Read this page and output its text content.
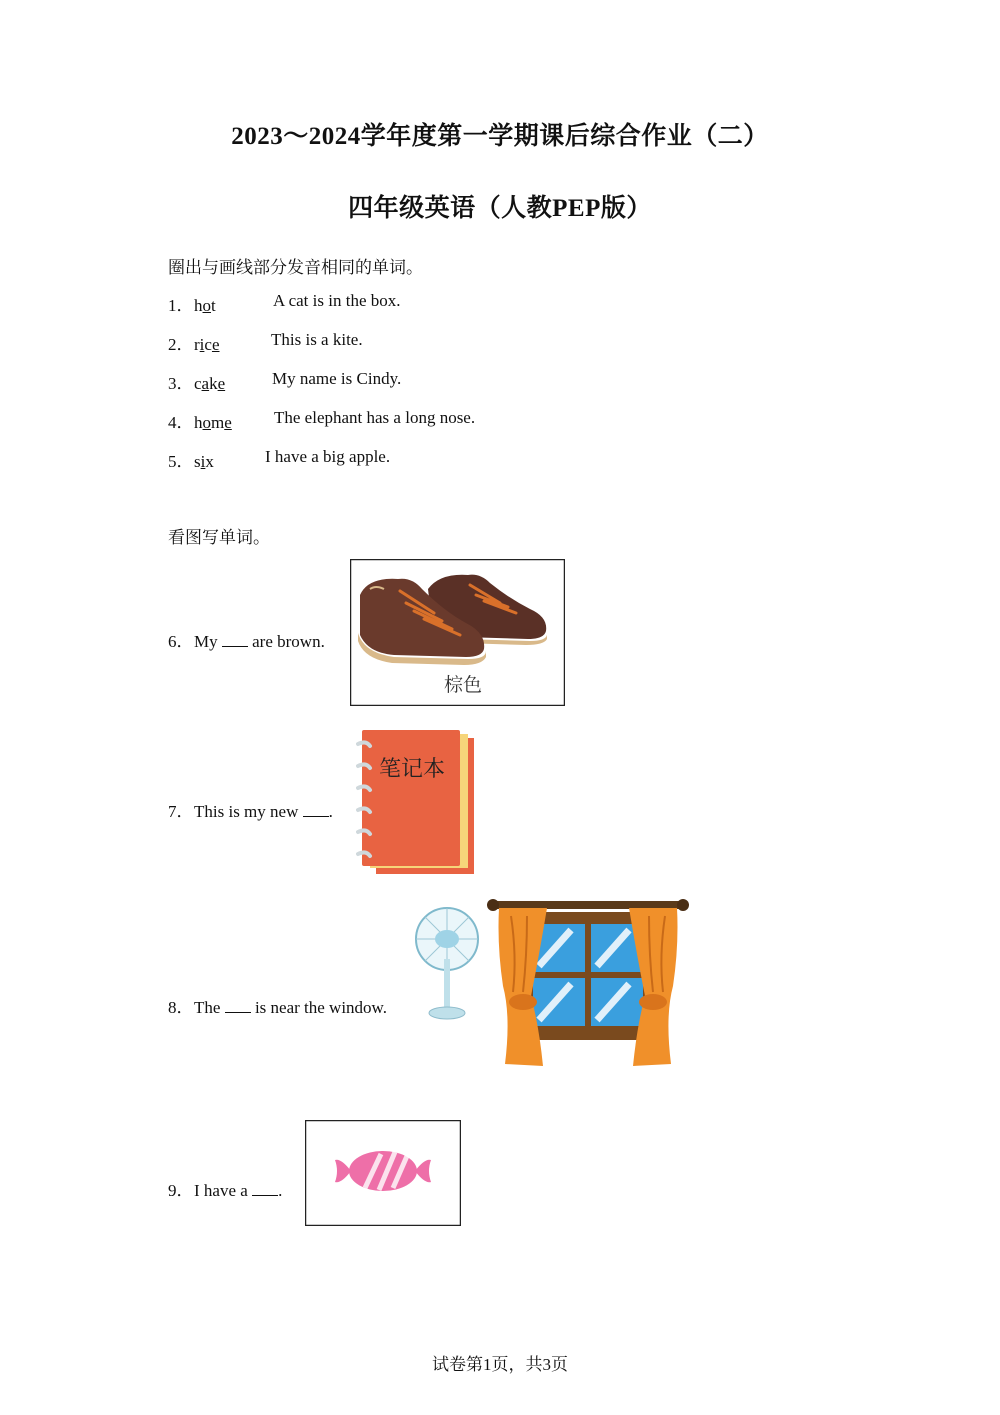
2023～2024学年度第一学期课后综合作业（二）
四年级英语（人教PEP版）
圈出与画线部分发音相同的单词。
1．hot	A cat is in the box.
2．rice	This is a kite.
3．cake	My name is Cindy.
4．home The elephant has a long nose.
5．six	I have a big apple.
看图写单词。
6．My  are brown.
棕色
7．This is my new .
笔记本
8．The  is near the window.
9．I have a .
试卷第1页，共3页
